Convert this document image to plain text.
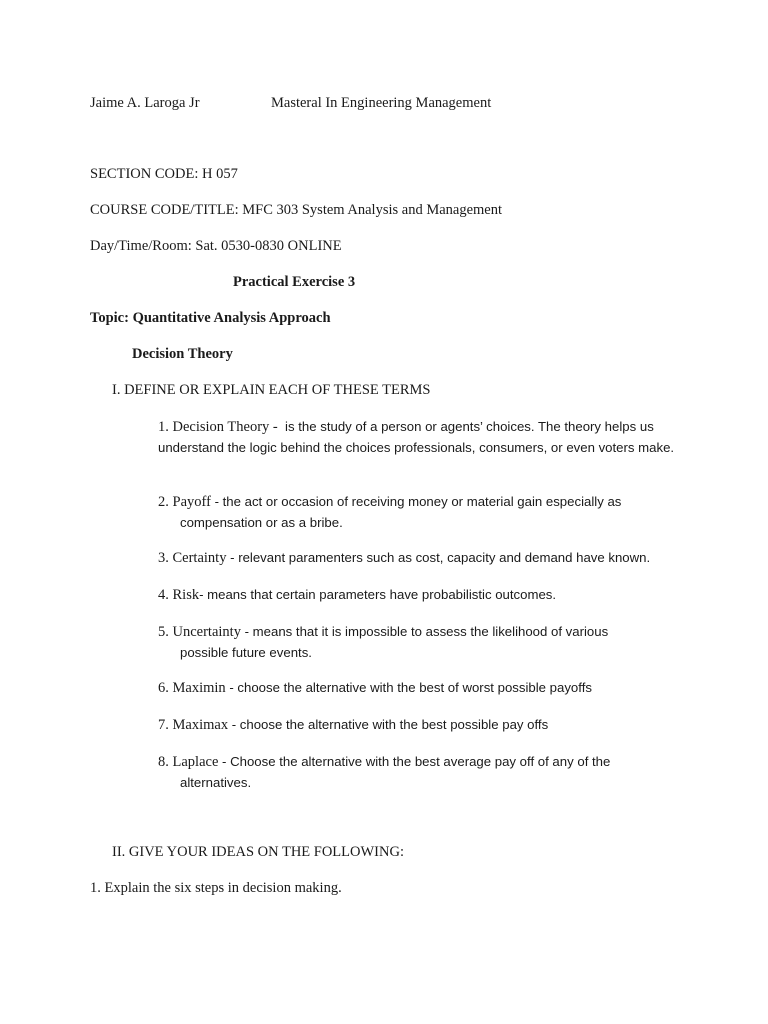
Jaime A. Laroga Jr	Masteral In Engineering Management
SECTION CODE: H 057
COURSE CODE/TITLE: MFC 303 System Analysis and Management
Day/Time/Room: Sat. 0530-0830 ONLINE
Practical Exercise 3
Topic: Quantitative Analysis Approach
Decision Theory
I. DEFINE OR EXPLAIN EACH OF THESE TERMS
1. Decision Theory -  is the study of a person or agents’ choices. The theory helps us understand the logic behind the choices professionals, consumers, or even voters make.
2. Payoff - the act or occasion of receiving money or material gain especially as
compensation or as a bribe.
3. Certainty - relevant paramenters such as cost, capacity and demand have known.
4. Risk- means that certain parameters have probabilistic outcomes.
5. Uncertainty - means that it is impossible to assess the likelihood of various
possible future events.
6. Maximin - choose the alternative with the best of worst possible payoffs
7. Maximax - choose the alternative with the best possible pay offs
8. Laplace - Choose the alternative with the best average pay off of any of the
alternatives.
II. GIVE YOUR IDEAS ON THE FOLLOWING:
1. Explain the six steps in decision making.
